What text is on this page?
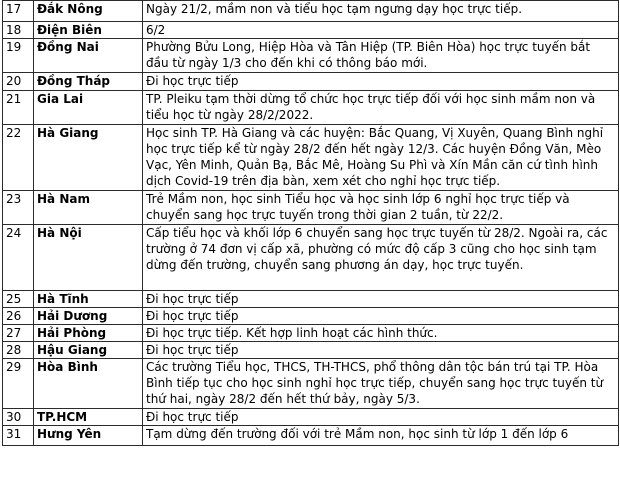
17	Đắk Nông	Ngày 21/2, mầm non và tiểu học tạm ngưng dạy học trực tiếp.
18	Điện Biên	6/2
19	Đồng Nai	Phường Bửu Long, Hiệp Hòa và Tân Hiệp (TP. Biên Hòa) học trực tuyến bắt đầu từ ngày 1/3 cho đến khi có thông báo mới.
20	Đồng Tháp	Đi học trực tiếp
21	Gia Lai	TP. Pleiku tạm thời dừng tổ chức học trực tiếp đối với học sinh mầm non và tiểu học từ ngày 28/2/2022.
22	Hà Giang	Học sinh TP. Hà Giang và các huyện: Bắc Quang, Vị Xuyên, Quang Bình nghỉ học trực tiếp kể từ ngày 28/2 đến hết ngày 12/3. Các huyện Đồng Văn, Mèo Vạc, Yên Minh, Quản Bạ, Bắc Mê, Hoàng Su Phì và Xín Mần căn cứ tình hình dịch Covid-19 trên địa bàn, xem xét cho nghỉ học trực tiếp.
23	Hà Nam	Trẻ Mầm non, học sinh Tiểu học và học sinh lớp 6 nghỉ học trực tiếp và chuyển sang học trực tuyến trong thời gian 2 tuần, từ 22/2.
24	Hà Nội	Cấp tiểu học và khối lớp 6 chuyển sang học trực tuyến từ 28/2. Ngoài ra, các trường ở 74 đơn vị cấp xã, phường có mức độ cấp 3 cũng cho học sinh tạm dừng đến trường, chuyển sang phương án dạy, học trực tuyến.
25	Hà Tĩnh	Đi học trực tiếp
26	Hải Dương	Đi học trực tiếp
27	Hải Phòng	Đi học trực tiếp. Kết hợp linh hoạt các hình thức.
28	Hậu Giang	Đi học trực tiếp
29	Hòa Bình	Các trường Tiểu học, THCS, TH-THCS, phổ thông dân tộc bán trú tại TP. Hòa Bình tiếp tục cho học sinh nghỉ học trực tiếp, chuyển sang học trực tuyến từ thứ hai, ngày 28/2 đến hết thứ bảy, ngày 5/3.
30	TP.HCM	Đi học trực tiếp
31	Hưng Yên	Tạm dừng đến trường đối với trẻ Mầm non, học sinh từ lớp 1 đến lớp 6
